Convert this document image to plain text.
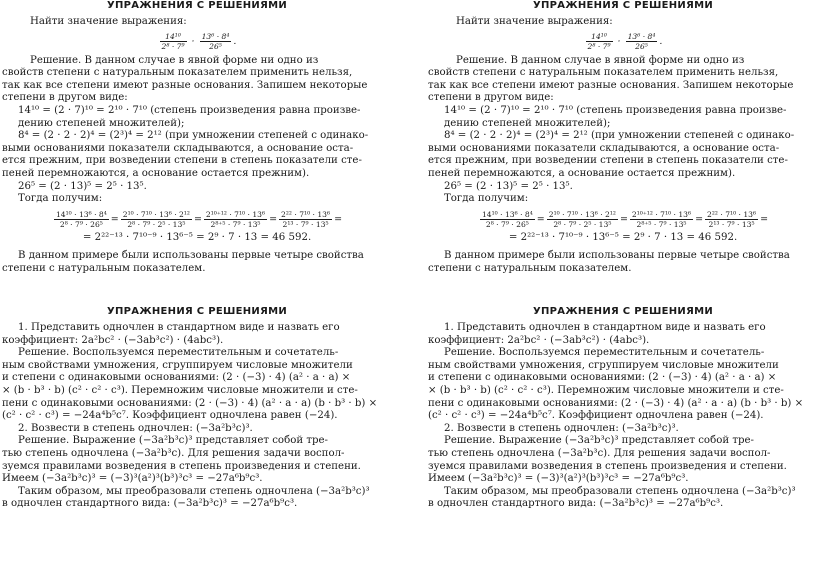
УПРАЖНЕНИЯ С РЕШЕНИЯМИ
Найти значение выражения:
$\frac{\text{14¹⁰}}{\text{2⁸ · 7⁹}} \cdot \frac{\text{13⁶ · 8⁴}}{\text{26⁵}}$ .
Решение. В данном случае в явной форме ни одно из
свойств степени с натуральным показателем применить нельзя,
так как все степени имеют разные основания. Запишем некоторые
степени в другом виде:
14¹⁰ = (2 · 7)¹⁰ = 2¹⁰ · 7¹⁰ (степень произведения равна произве-
дению степеней множителей);
8⁴ = (2 · 2 · 2)⁴ = (2³)⁴ = 2¹² (при умножении степеней с одинако-
выми основаниями показатели складываются, а основание оста-
ется прежним, при возведении степени в степень показатели сте-
пеней перемножаются, а основание остается прежним).
26⁵ = (2 · 13)⁵ = 2⁵ · 13⁵.
Тогда получим:
$\frac{\text{14¹⁰ · 13⁶ · 8⁴}}{\text{2⁸ · 7⁹ · 26⁵}} = \frac{\text{2¹⁰ · 7¹⁰ · 13⁶ · 2¹²}}{\text{2⁸ · 7⁹ · 2⁵ · 13⁵}} = \frac{\text{2¹⁰⁺¹² · 7¹⁰ · 13⁶}}{\text{2⁸⁺⁵ · 7⁹ · 13⁵}} = \frac{\text{2²² · 7¹⁰ · 13⁶}}{\text{2¹³ · 7⁹ · 13⁵}}$ =
= 2²²⁻¹³ · 7¹⁰⁻⁹ · 13⁶⁻⁵ = 2⁹ · 7 · 13 = 46 592.
В данном примере были использованы первые четыре свойства
степени с натуральным показателем.
УПРАЖНЕНИЯ С РЕШЕНИЯМИ
Найти значение выражения:
$\frac{\text{14¹⁰}}{\text{2⁸ · 7⁹}} \cdot \frac{\text{13⁶ · 8⁴}}{\text{26⁵}}$ .
Решение. В данном случае в явной форме ни одно из
свойств степени с натуральным показателем применить нельзя,
так как все степени имеют разные основания. Запишем некоторые
степени в другом виде:
14¹⁰ = (2 · 7)¹⁰ = 2¹⁰ · 7¹⁰ (степень произведения равна произве-
дению степеней множителей);
8⁴ = (2 · 2 · 2)⁴ = (2³)⁴ = 2¹² (при умножении степеней с одинако-
выми основаниями показатели складываются, а основание оста-
ется прежним, при возведении степени в степень показатели сте-
пеней перемножаются, а основание остается прежним).
26⁵ = (2 · 13)⁵ = 2⁵ · 13⁵.
Тогда получим:
$\frac{\text{14¹⁰ · 13⁶ · 8⁴}}{\text{2⁸ · 7⁹ · 26⁵}} = \frac{\text{2¹⁰ · 7¹⁰ · 13⁶ · 2¹²}}{\text{2⁸ · 7⁹ · 2⁵ · 13⁵}} = \frac{\text{2¹⁰⁺¹² · 7¹⁰ · 13⁶}}{\text{2⁸⁺⁵ · 7⁹ · 13⁵}} = \frac{\text{2²² · 7¹⁰ · 13⁶}}{\text{2¹³ · 7⁹ · 13⁵}}$ =
= 2²²⁻¹³ · 7¹⁰⁻⁹ · 13⁶⁻⁵ = 2⁹ · 7 · 13 = 46 592.
В данном примере были использованы первые четыре свойства
степени с натуральным показателем.
УПРАЖНЕНИЯ С РЕШЕНИЯМИ
1. Представить одночлен в стандартном виде и назвать его
коэффициент: 2a²bc² · (−3ab³c²) · (4abc³).
Решение. Воспользуемся переместительным и сочетатель-
ным свойствами умножения, сгруппируем числовые множители
и степени с одинаковыми основаниями: (2 · (−3) · 4) (a² · a · a) ×
× (b · b³ · b) (c² · c² · c³). Перемножим числовые множители и сте-
пени с одинаковыми основаниями: (2 · (−3) · 4) (a² · a · a) (b · b³ · b) ×
(c² · c² · c³) = −24a⁴b⁵c⁷. Коэффициент одночлена равен (−24).
2. Возвести в степень одночлен: (−3a²b³c)³.
Решение. Выражение (−3a²b³c)³ представляет собой тре-
тью степень одночлена (−3a²b³c). Для решения задачи воспол-
зуемся правилами возведения в степень произведения и степени.
Имеем (−3a²b³c)³ = (−3)³(a²)³(b³)³c³ = −27a⁶b⁹c³.
Таким образом, мы преобразовали степень одночлена (−3a²b³c)³
в одночлен стандартного вида: (−3a²b³c)³ = −27a⁶b⁹c³.
УПРАЖНЕНИЯ С РЕШЕНИЯМИ
1. Представить одночлен в стандартном виде и назвать его
коэффициент: 2a²bc² · (−3ab³c²) · (4abc³).
Решение. Воспользуемся переместительным и сочетатель-
ным свойствами умножения, сгруппируем числовые множители
и степени с одинаковыми основаниями: (2 · (−3) · 4) (a² · a · a) ×
× (b · b³ · b) (c² · c² · c³). Перемножим числовые множители и сте-
пени с одинаковыми основаниями: (2 · (−3) · 4) (a² · a · a) (b · b³ · b) ×
(c² · c² · c³) = −24a⁴b⁵c⁷. Коэффициент одночлена равен (−24).
2. Возвести в степень одночлен: (−3a²b³c)³.
Решение. Выражение (−3a²b³c)³ представляет собой тре-
тью степень одночлена (−3a²b³c). Для решения задачи воспол-
зуемся правилами возведения в степень произведения и степени.
Имеем (−3a²b³c)³ = (−3)³(a²)³(b³)³c³ = −27a⁶b⁹c³.
Таким образом, мы преобразовали степень одночлена (−3a²b³c)³
в одночлен стандартного вида: (−3a²b³c)³ = −27a⁶b⁹c³.
